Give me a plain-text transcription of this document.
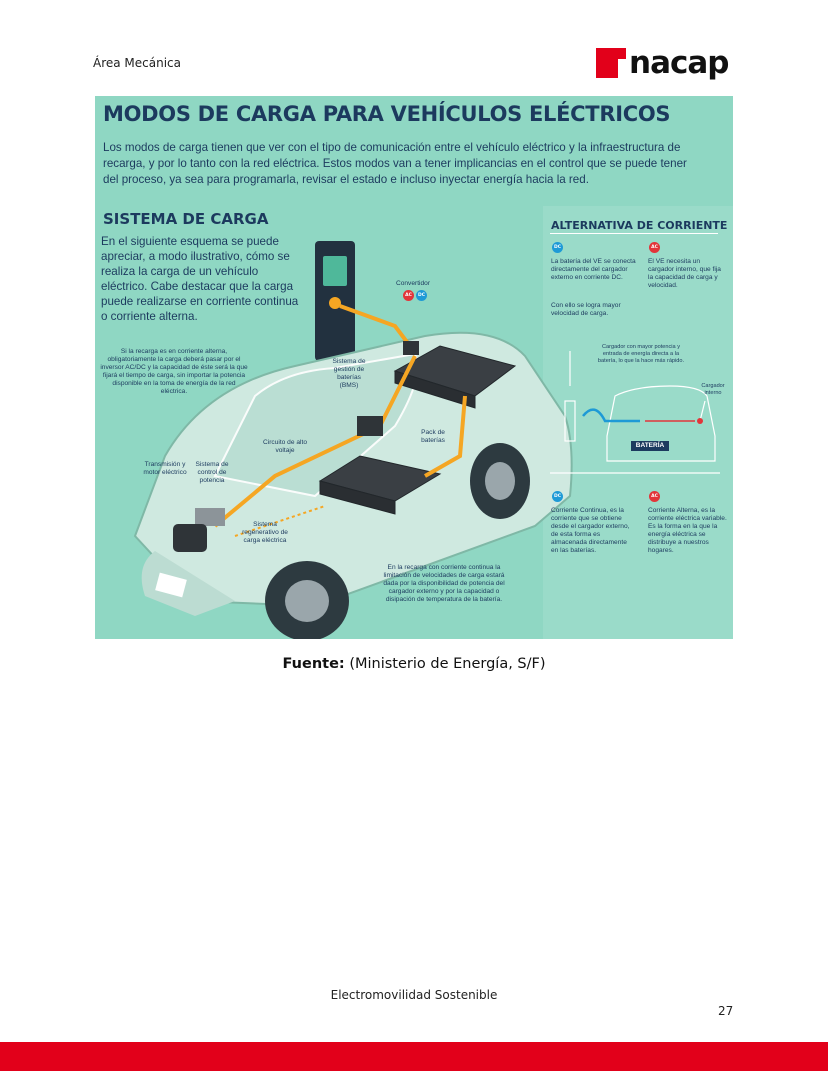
Área Mecánica	nacap
MODOS DE CARGA PARA VEHÍCULOS ELÉCTRICOS
Los modos de carga tienen que ver con el tipo de comunicación entre el vehículo eléctrico y la infraestructura de recarga, y por lo tanto con la red eléctrica. Estos modos van a tener implicancias en el control que se puede tener del proceso, ya sea para programarla, revisar el estado e incluso inyectar energía hacia la red.
SISTEMA DE CARGA
En el siguiente esquema se puede apreciar, a modo ilustrativo, cómo se realiza la carga de un vehículo eléctrico. Cabe destacar que la carga puede realizarse en corriente continua o corriente alterna.
Si la recarga es en corriente alterna, obligatoriamente la carga deberá pasar por el inversor AC/DC y la capacidad de éste será la que fijará el tiempo de carga, sin importar la potencia disponible en la toma de energía de la red eléctrica.
Convertidor
AC	DC
Sistema de gestión de baterías (BMS)
Pack de baterías
Circuito de alto voltaje
Transmisión y motor eléctrico
Sistema de control de potencia
Sistema regenerativo de carga eléctrica
En la recarga con corriente continua la limitación de velocidades de carga estará dada por la disponibilidad de potencia del cargador externo y por la capacidad o disipación de temperatura de la batería.
ALTERNATIVA DE CORRIENTE
DC	AC
La batería del VE se conecta directamente del cargador externo en corriente DC.
Con ello se logra mayor velocidad de carga.
El VE necesita un cargador interno, que fija la capacidad de carga y velocidad.
Cargador con mayor potencia y entrada de energía directa a la batería, lo que la hace más rápido.
Cargador interno
BATERÍA
DC	AC
Corriente Continua, es la corriente que se obtiene desde el cargador externo, de esta forma es almacenada directamente en las baterías.
Corriente Alterna, es la corriente eléctrica variable. Es la forma en la que la energía eléctrica se distribuye a nuestros hogares.
Fuente: (Ministerio de Energía, S/F)
Electromovilidad Sostenible
27
